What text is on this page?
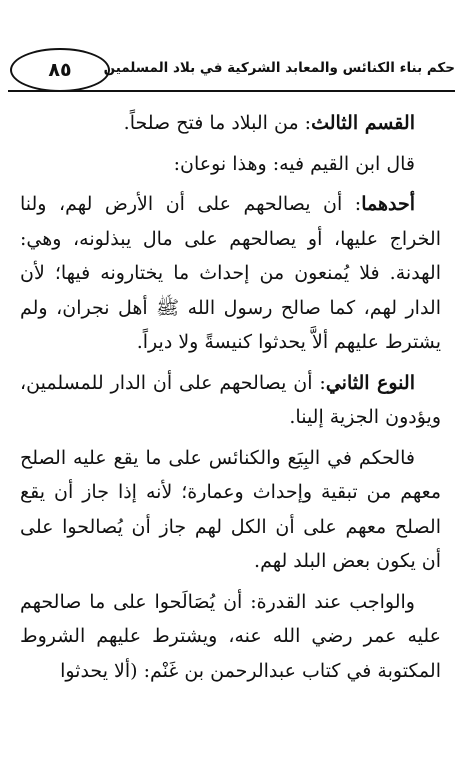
٨٥	حكم بناء الكنائس والمعابد الشركية في بلاد المسلمين

القسم الثالث: من البلاد ما فتح صلحاً.

قال ابن القيم فيه: وهذا نوعان:

أحدهما: أن يصالحهم على أن الأرض لهم، ولنا الخراج عليها، أو يصالحهم على مال يبذلونه، وهي: الهدنة. فلا يُمنعون من إحداث ما يختارونه فيها؛ لأن الدار لهم، كما صالح رسول الله ﷺ أهل نجران، ولم يشترط عليهم ألاَّ يحدثوا كنيسةً ولا ديراً.

النوع الثاني: أن يصالحهم على أن الدار للمسلمين، ويؤدون الجزية إلينا.

فالحكم في البِيَع والكنائس على ما يقع عليه الصلح معهم من تبقية وإحداث وعمارة؛ لأنه إذا جاز أن يقع الصلح معهم على أن الكل لهم جاز أن يُصالحوا على أن يكون بعض البلد لهم.

والواجب عند القدرة: أن يُصَالَحوا على ما صالحهم عليه عمر رضي الله عنه، ويشترط عليهم الشروط المكتوبة في كتاب عبدالرحمن بن غَنْم: (ألا يحدثوا
